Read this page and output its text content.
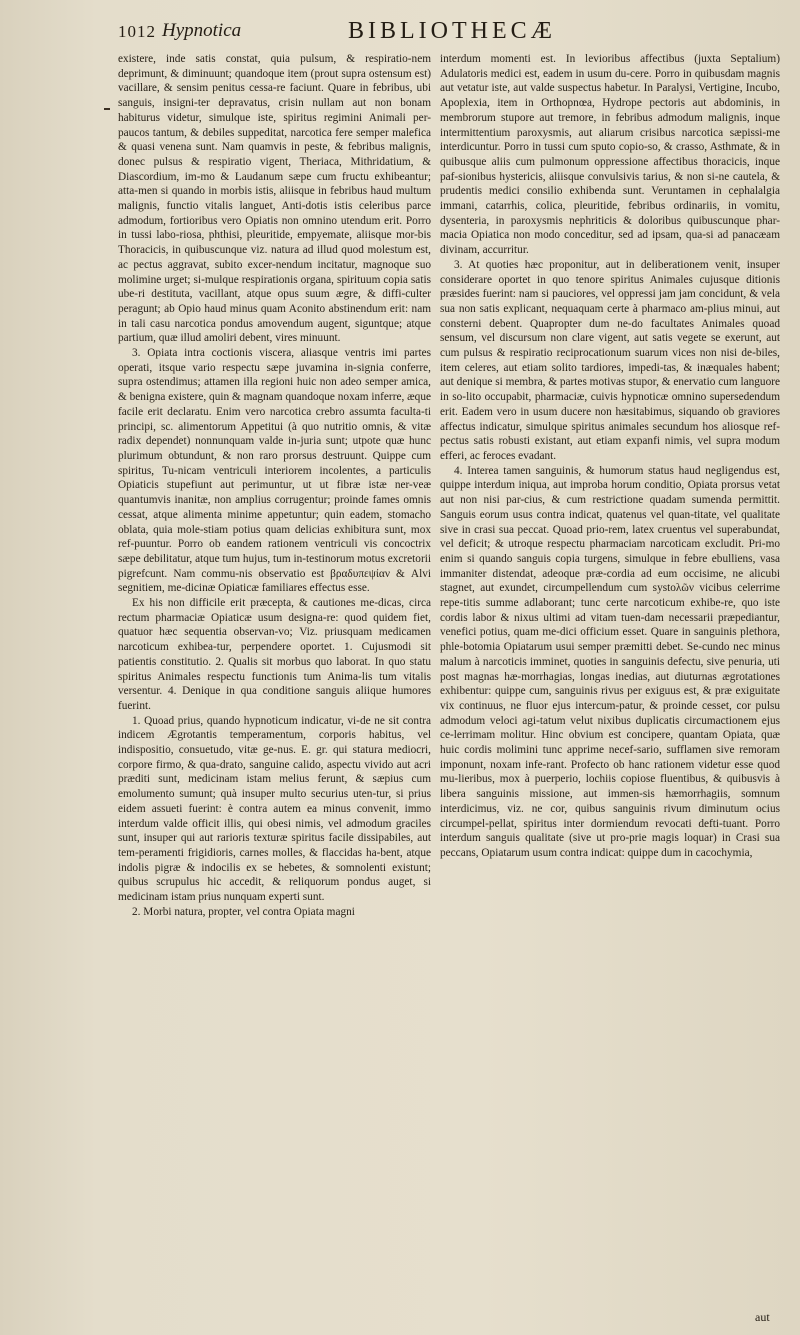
1012 Hypnotica	BIBLIOTHECÆ

existere, inde satis constat, quia pulsum, & respiratio-nem deprimunt, & diminuunt; quandoque item (prout supra ostensum est) vacillare, & sensim penitus cessa-re faciunt. Quare in febribus, ubi sanguis, insigni-ter depravatus, crisin nullam aut non bonam habiturus videtur, simulque iste, spiritus regimini Animali per-paucos tantum, & debiles suppeditat, narcotica fere semper malefica & quasi venena sunt. Nam quamvis in peste, & febribus malignis, donec pulsus & respiratio vigent, Theriaca, Mithridatium, & Diascordium, im-mo & Laudanum sæpe cum fructu exhibeantur; atta-men si quando in morbis istis, aliisque in febribus haud multum malignis, functio vitalis languet, Anti-dotis istis celeribus parce admodum, fortioribus vero Opiatis non omnino utendum erit. Porro in tussi labo-riosa, phthisi, pleuritide, empyemate, aliisque mor-bis Thoracicis, in quibuscunque viz. natura ad illud quod molestum est, ac pectus aggravat, subito excer-nendum incitatur, magnoque suo molimine urget; si-mulque respirationis organa, spirituum copia satis ube-ri destituta, vacillant, atque opus suum ægre, & diffi-culter peragunt; ab Opio haud minus quam Aconito abstinendum erit: nam in tali casu narcotica pondus amovendum augent, siguntque; atque partium, quæ illud amoliri debent, vires minuunt.

3. Opiata intra coctionis viscera, aliasque ventris imi partes operati, itsque vario respectu sæpe juvamina in-signia conferre, supra ostendimus; attamen illa regioni huic non adeo semper amica, & benigna existere, quin & magnam quandoque noxam inferre, æque facile erit declaratu. Enim vero narcotica crebro assumta faculta-ti principi, sc. alimentorum Appetitui (à quo nutritio omnis, & vitæ radix dependet) nonnunquam valde in-juria sunt; utpote quæ hunc plurimum obtundunt, & non raro prorsus destruunt. Quippe cum spiritus, Tu-nicam ventriculi interiorem incolentes, a particulis Opiaticis stupefiunt aut perimuntur, ut ut fibræ istæ ner-veæ quantumvis inanitæ, non amplius corrugentur; proinde fames omnis cessat, atque alimenta minime appetuntur; quin eadem, stomacho oblata, quia mole-stiam potius quam delicias exhibitura sunt, mox ref-puuntur. Porro ob eandem rationem ventriculi vis concoctrix sæpe debilitatur, atque tum hujus, tum in-testinorum motus excretorii pigrefcunt. Nam commu-nis observatio est βραδυπεψίαν & Alvi segnitiem, me-dicinæ Opiaticæ familiares effectus esse.

Ex his non difficile erit præcepta, & cautiones me-dicas, circa rectum pharmaciæ Opiaticæ usum designa-re: quod quidem fiet, quatuor hæc sequentia observan-vo; Viz. priusquam medicamen narcoticum exhibea-tur, perpendere oportet. 1. Cujusmodi sit patientis constitutio. 2. Qualis sit morbus quo laborat. In quo statu spiritus Animales respectu functionis tum Anima-lis tum vitalis versentur. 4. Denique in qua conditione sanguis aliique humores fuerint.

1. Quoad prius, quando hypnoticum indicatur, vi-de ne sit contra indicem Ægrotantis temperamentum, corporis habitus, vel indispositio, consuetudo, vitæ ge-nus. E. gr. qui statura mediocri, corpore firmo, & qua-drato, sanguine calido, aspectu vivido aut acri præditi sunt, medicinam istam melius ferunt, & sæpius cum emolumento sumunt; quà insuper multo securius uten-tur, si prius eidem assueti fuerint: è contra autem ea minus convenit, immo interdum valde officit illis, qui obesi nimis, vel admodum graciles sunt, insuper qui aut rarioris texturæ spiritus facile dissipabiles, aut tem-peramenti frigidioris, carnes molles, & flaccidas ha-bent, atque indolis pigræ & indocilis ex se hebetes, & somnolenti existunt; quibus scrupulus hic accedit, & reliquorum pondus auget, si medicinam istam prius nunquam experti sunt.

2. Morbi natura, propter, vel contra Opiata magni

interdum momenti est. In levioribus affectibus (juxta Septalium) Adulatoris medici est, eadem in usum du-cere. Porro in quibusdam magnis aut vetatur iste, aut valde suspectus habetur. In Paralysi, Vertigine, Incubo, Apoplexia, item in Orthopnœa, Hydrope pectoris aut abdominis, in membrorum stupore aut tremore, in febribus admodum malignis, inque intermittentium paroxysmis, aut aliarum crisibus narcotica sæpissi-me interdicuntur. Porro in tussi cum sputo copio-so, & crasso, Asthmate, & in quibusque aliis cum pulmonum oppressione affectibus thoracicis, inque paf-sionibus hystericis, aliisque convulsivis tarius, & non si-ne cautela, & prudentis medici consilio exhibenda sunt. Veruntamen in cephalalgia immani, catarrhis, colica, pleuritide, febribus ordinariis, in vomitu, dysenteria, in paroxysmis nephriticis & doloribus quibuscunque phar-macia Opiatica non modo conceditur, sed ad ipsam, qua-si ad panacæam divinam, accurritur.

3. At quoties hæc proponitur, aut in deliberationem venit, insuper considerare oportet in quo tenore spiritus Animales cujusque ditionis præsides fuerint: nam si pauciores, vel oppressi jam jam concidunt, & vela sua non satis explicant, nequaquam certe à pharmaco am-plius minui, aut consterni debent. Quapropter dum ne-do facultates Animales quoad sensum, vel discursum non clare vigent, aut satis vegete se exerunt, aut cum pulsus & respiratio reciprocationum suarum vices non nisi de-biles, item celeres, aut etiam solito tardiores, impedi-tas, & inæquales habent; aut denique si membra, & partes motivas stupor, & enervatio cum languore in so-lito occupabit, pharmaciæ, cuivis hypnoticæ omnino supersedendum erit. Eadem vero in usum ducere non hæsitabimus, siquando ob graviores affectus indicatur, simulque spiritus animales secundum hos aliosque ref-pectus satis robusti existant, aut etiam expanfi nimis, vel supra modum efferi, ac feroces evadant.

4. Interea tamen sanguinis, & humorum status haud negligendus est, quippe interdum iniqua, aut improba horum conditio, Opiata prorsus vetat aut non nisi par-cius, & cum restrictione quadam sumenda permittit. Sanguis eorum usus contra indicat, quatenus vel quan-titate, vel qualitate sive in crasi sua peccat. Quoad prio-rem, latex cruentus vel superabundat, vel deficit; & utroque respectu pharmaciam narcoticam excludit. Pri-mo enim si quando sanguis copia turgens, simulque in febre ebulliens, vasa immaniter distendat, adeoque præ-cordia ad eum occisime, ne alicubi stagnet, aut exundet, circumpellendum cum systολῶν vicibus celerrime repe-titis summe adlaborant; tunc certe narcoticum exhibe-re, quo iste cordis labor & nixus ultimi ad vitam tuen-dam necessarii præpediantur, venefici potius, quam me-dici officium esset. Quare in sanguinis plethora, phle-botomia Opiatarum usui semper præmitti debet. Se-cundo nec minus malum à narcoticis imminet, quoties in sanguinis defectu, sive penuria, uti post magnas hæ-morrhagias, longas inedias, aut diuturnas ægrotationes exhibentur: quippe cum, sanguinis rivus per exiguus est, & præ exiguitate vix continuus, ne fluor ejus intercum-patur, & proinde cesset, cor pulsu admodum veloci agi-tatum velut nixibus duplicatis circumactionem ejus ce-lerrimam molitur. Hinc obvium est concipere, quantam Opiata, quæ huic cordis molimini tunc apprime necef-sario, sufflamen sive remoram imponunt, noxam infe-rant. Profecto ob hanc rationem videtur esse quod mu-lieribus, mox à puerperio, lochiis copiose fluentibus, & quibusvis à libera sanguinis missione, aut immen-sis hæmorrhagiis, somnum interdicimus, viz. ne cor, quibus sanguinis rivum diminutum ocius circumpel-pellat, spiritus inter dormiendum revocati defti-tuant. Porro interdum sanguis qualitate (sive ut pro-prie magis loquar) in Crasi sua peccans, Opiatarum usum contra indicat: quippe dum in cacochymia,

aut
